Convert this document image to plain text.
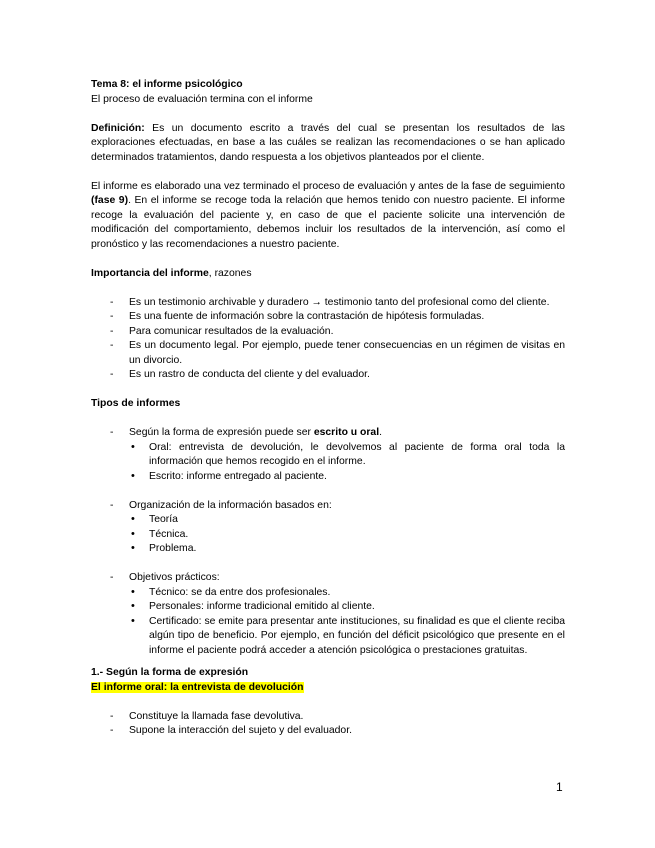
Tema 8: el informe psicológico

El proceso de evaluación termina con el informe

Definición: Es un documento escrito a través del cual se presentan los resultados de las exploraciones efectuadas, en base a las cuáles se realizan las recomendaciones o se han aplicado determinados tratamientos, dando respuesta a los objetivos planteados por el cliente.

El informe es elaborado una vez terminado el proceso de evaluación y antes de la fase de seguimiento (fase 9). En el informe se recoge toda la relación que hemos tenido con nuestro paciente. El informe recoge la evaluación del paciente y, en caso de que el paciente solicite una intervención de modificación del comportamiento, debemos incluir los resultados de la intervención, así como el pronóstico y las recomendaciones a nuestro paciente.

Importancia del informe, razones

- Es un testimonio archivable y duradero → testimonio tanto del profesional como del cliente.
- Es una fuente de información sobre la contrastación de hipótesis formuladas.
- Para comunicar resultados de la evaluación.
- Es un documento legal. Por ejemplo, puede tener consecuencias en un régimen de visitas en un divorcio.
- Es un rastro de conducta del cliente y del evaluador.

Tipos de informes

- Según la forma de expresión puede ser escrito u oral.
• Oral: entrevista de devolución, le devolvemos al paciente de forma oral toda la información que hemos recogido en el informe.
• Escrito: informe entregado al paciente.
- Organización de la información basados en:
• Teoría
• Técnica.
• Problema.
- Objetivos prácticos:
• Técnico: se da entre dos profesionales.
• Personales: informe tradicional emitido al cliente.
• Certificado: se emite para presentar ante instituciones, su finalidad es que el cliente reciba algún tipo de beneficio. Por ejemplo, en función del déficit psicológico que presente en el informe el paciente podrá acceder a atención psicológica o prestaciones gratuitas.

1.- Según la forma de expresión

El informe oral: la entrevista de devolución

- Constituye la llamada fase devolutiva.
- Supone la interacción del sujeto y del evaluador.
1
